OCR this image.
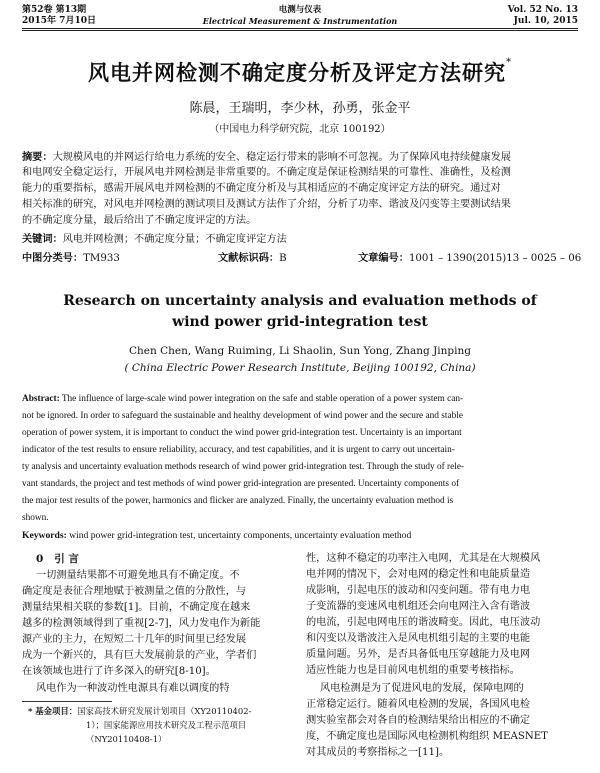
第52卷 第13期
2015年 7月10日
电测与仪表
Electrical Measurement & Instrumentation
Vol. 52 No. 13
Jul. 10, 2015
风电并网检测不确定度分析及评定方法研究*
陈晨，王瑞明，李少林，孙勇，张金平
（中国电力科学研究院，北京 100192）
摘要：大规模风电的并网运行给电力系统的安全、稳定运行带来的影响不可忽视。为了保障风电持续健康发展
和电网安全稳定运行，开展风电并网检测是非常重要的。不确定度是保证检测结果的可靠性、准确性，及检测
能力的重要指标，感需开展风电并网检测的不确定度分析及与其相适应的不确定度评定方法的研究。通过对
相关标准的研究，对风电并网检测的测试项目及测试方法作了介绍，分析了功率、谐波及闪变等主要测试结果
的不确定度分量，最后给出了不确定度评定的方法。
关键词：风电并网检测；不确定度分量；不确定度评定方法
中图分类号：TM933	文献标识码：B	文章编号：1001 – 1390(2015)13 – 0025 – 06
Research on uncertainty analysis and evaluation methods of
wind power grid-integration test
Chen Chen, Wang Ruiming, Li Shaolin, Sun Yong, Zhang Jinping
( China Electric Power Research Institute, Beijing 100192, China)
Abstract: The influence of large-scale wind power integration on the safe and stable operation of a power system can-
not be ignored. In order to safeguard the sustainable and healthy development of wind power and the secure and stable
operation of power system, it is important to conduct the wind power grid-integration test. Uncertainty is an important
indicator of the test results to ensure reliability, accuracy, and test capabilities, and it is urgent to carry out uncertain-
ty analysis and uncertainty evaluation methods research of wind power grid-integration test. Through the study of rele-
vant standards, the project and test methods of wind power grid-integration are presented. Uncertainty components of
the major test results of the power, harmonics and flicker are analyzed. Finally, the uncertainty evaluation method is
shown.
Keywords: wind power grid-integration test, uncertainty components, uncertainty evaluation method
0 引 言
一切测量结果都不可避免地具有不确定度。不
确定度是表征合理地赋于被测量之值的分散性，与
测量结果相关联的参数[1]。目前，不确定度在越来
越多的检测领域得到了重视[2-7]，风力发电作为新能
源产业的主力，在短短二十几年的时间里已经发展
成为一个新兴的，具有巨大发展前景的产业，学者们
在该领域也进行了许多深入的研究[8-10]。
风电作为一种波动性电源具有难以调度的特
* 基金项目：国家高技术研究发展计划项目（XY20110402-
1）；国家能源应用技术研究及工程示范项目
（NY20110408-1）
性，这种不稳定的功率注入电网，尤其是在大规模风
电并网的情况下，会对电网的稳定性和电能质量造
成影响，引起电压的波动和闪变问题。带有电力电
子变流器的变速风电机组还会向电网注入含有谐波
的电流，引起电网电压的谐波畸变。因此，电压波动
和闪变以及谐波注入是风电机组引起的主要的电能
质量问题。另外，是否具备低电压穿越能力及电网
适应性能力也是目前风电机组的重要考核指标。
风电检测是为了促进风电的发展，保障电网的
正常稳定运行。随着风电检测的发展，各国风电检
测实验室都会对各自的检测结果给出相应的不确定
度，不确定度也是国际风电检测机构组织 MEASNET
对其成员的考察指标之一[11]。
